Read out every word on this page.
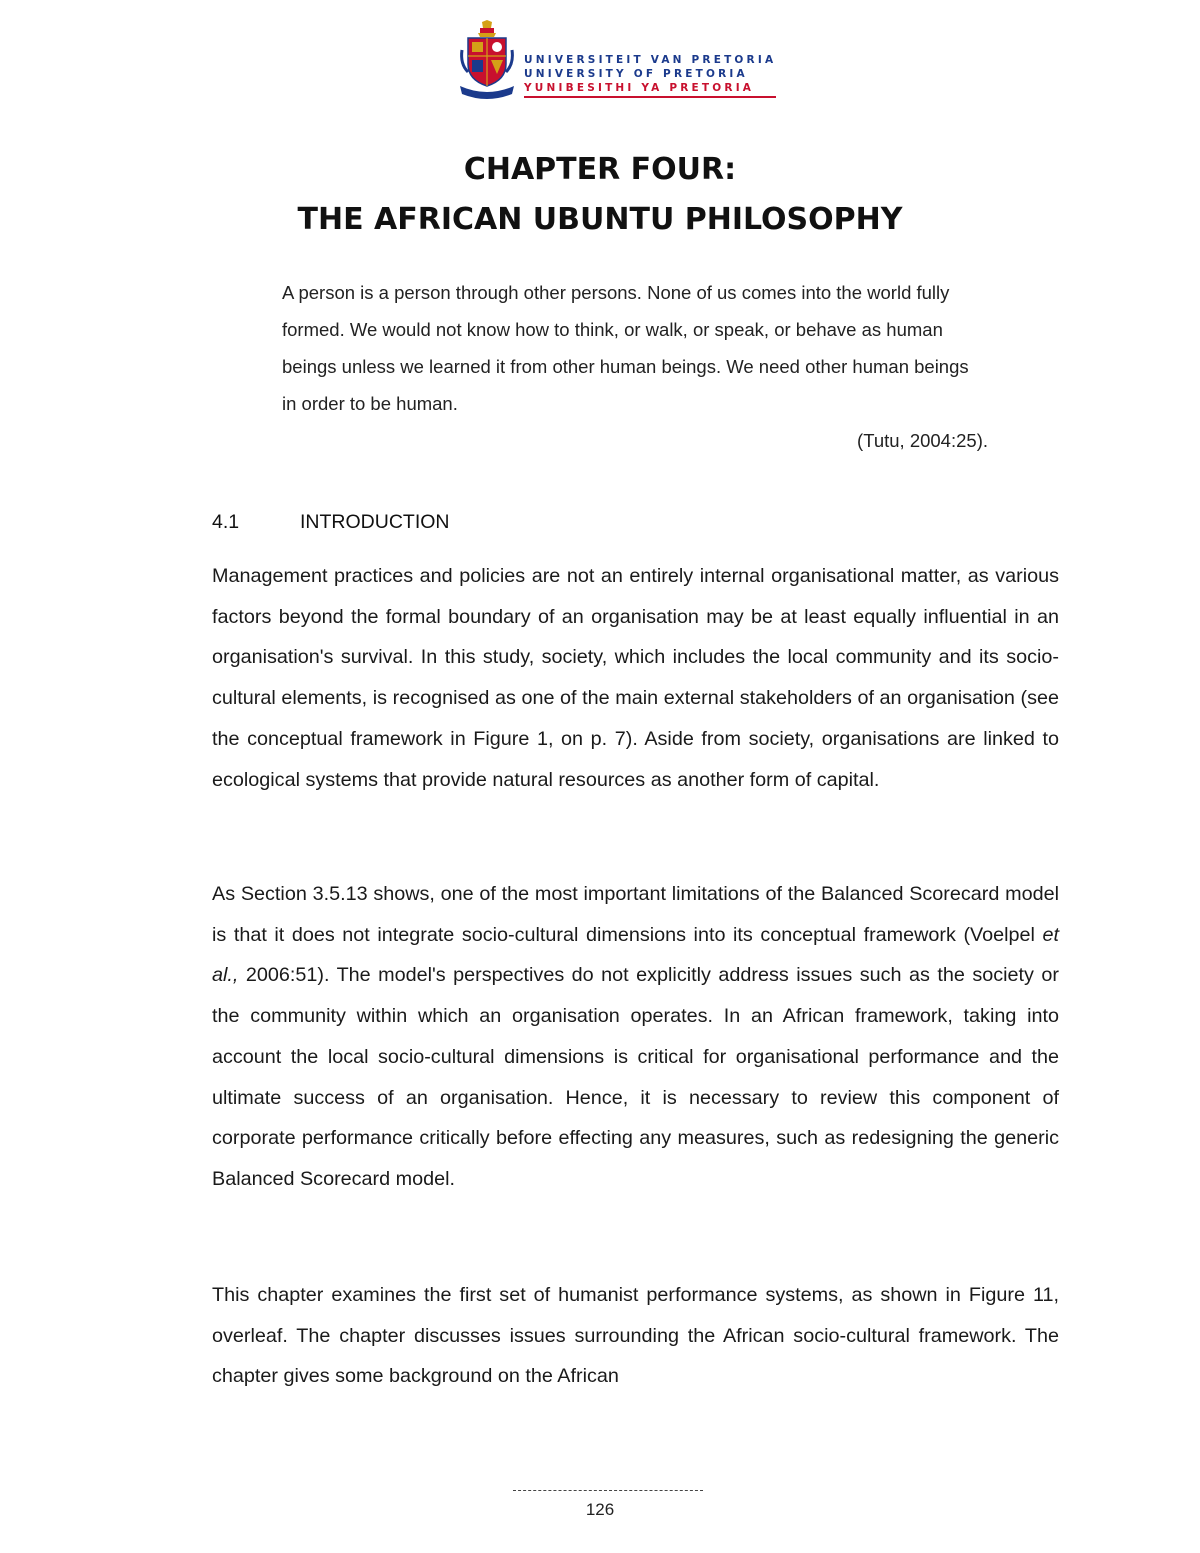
UNIVERSITEIT VAN PRETORIA
UNIVERSITY OF PRETORIA
YUNIBESITHI YA PRETORIA
CHAPTER FOUR:
THE AFRICAN UBUNTU PHILOSOPHY

A person is a person through other persons. None of us comes into the world fully formed. We would not know how to think, or walk, or speak, or behave as human beings unless we learned it from other human beings. We need other human beings in order to be human.

(Tutu, 2004:25).

4.1	INTRODUCTION

Management practices and policies are not an entirely internal organisational matter, as various factors beyond the formal boundary of an organisation may be at least equally influential in an organisation's survival. In this study, society, which includes the local community and its socio-cultural elements, is recognised as one of the main external stakeholders of an organisation (see the conceptual framework in Figure 1, on p. 7). Aside from society, organisations are linked to ecological systems that provide natural resources as another form of capital.

As Section 3.5.13 shows, one of the most important limitations of the Balanced Scorecard model is that it does not integrate socio-cultural dimensions into its conceptual framework (Voelpel et al., 2006:51). The model's perspectives do not explicitly address issues such as the society or the community within which an organisation operates. In an African framework, taking into account the local socio-cultural dimensions is critical for organisational performance and the ultimate success of an organisation. Hence, it is necessary to review this component of corporate performance critically before effecting any measures, such as redesigning the generic Balanced Scorecard model.

This chapter examines the first set of humanist performance systems, as shown in Figure 11, overleaf. The chapter discusses issues surrounding the African socio-cultural framework. The chapter gives some background on the African

126
